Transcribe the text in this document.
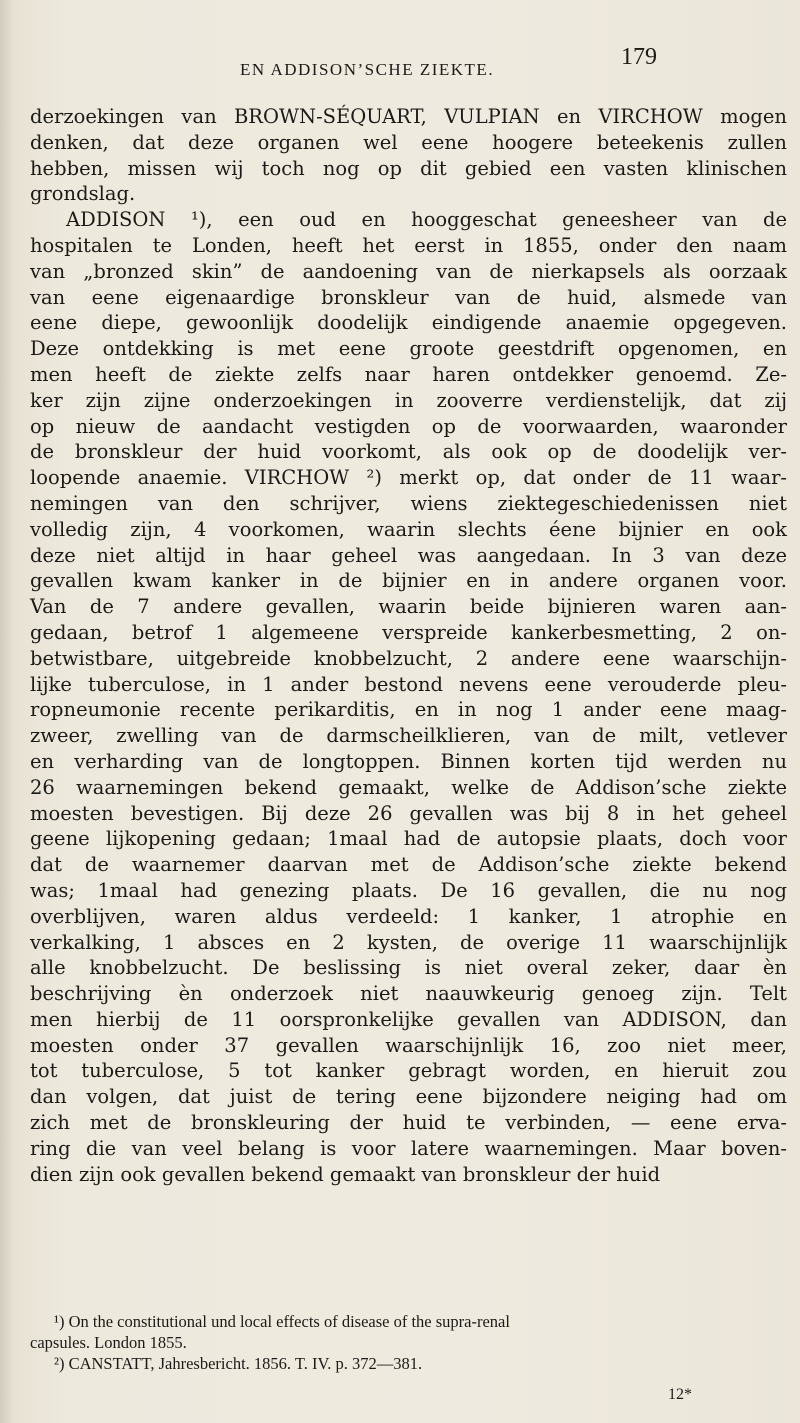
EN ADDISON’SCHE ZIEKTE.	179
derzoekingen van BROWN-SÉQUART, VULPIAN en VIRCHOW mogen
denken, dat deze organen wel eene hoogere beteekenis zullen
hebben, missen wij toch nog op dit gebied een vasten klinischen
grondslag.
ADDISON ¹), een oud en hooggeschat geneesheer van de
hospitalen te Londen, heeft het eerst in 1855, onder den naam
van „bronzed skin” de aandoening van de nierkapsels als oorzaak
van eene eigenaardige bronskleur van de huid, alsmede van
eene diepe, gewoonlijk doodelijk eindigende anaemie opgegeven.
Deze ontdekking is met eene groote geestdrift opgenomen, en
men heeft de ziekte zelfs naar haren ontdekker genoemd. Ze-
ker zijn zijne onderzoekingen in zooverre verdienstelijk, dat zij
op nieuw de aandacht vestigden op de voorwaarden, waaronder
de bronskleur der huid voorkomt, als ook op de doodelijk ver-
loopende anaemie. VIRCHOW ²) merkt op, dat onder de 11 waar-
nemingen van den schrijver, wiens ziektegeschiedenissen niet
volledig zijn, 4 voorkomen, waarin slechts éene bijnier en ook
deze niet altijd in haar geheel was aangedaan. In 3 van deze
gevallen kwam kanker in de bijnier en in andere organen voor.
Van de 7 andere gevallen, waarin beide bijnieren waren aan-
gedaan, betrof 1 algemeene verspreide kankerbesmetting, 2 on-
betwistbare, uitgebreide knobbelzucht, 2 andere eene waarschijn-
lijke tuberculose, in 1 ander bestond nevens eene verouderde pleu-
ropneumonie recente perikarditis, en in nog 1 ander eene maag-
zweer, zwelling van de darmscheilklieren, van de milt, vetlever
en verharding van de longtoppen. Binnen korten tijd werden nu
26 waarnemingen bekend gemaakt, welke de Addison’sche ziekte
moesten bevestigen. Bij deze 26 gevallen was bij 8 in het geheel
geene lijkopening gedaan; 1maal had de autopsie plaats, doch voor
dat de waarnemer daarvan met de Addison’sche ziekte bekend
was; 1maal had genezing plaats. De 16 gevallen, die nu nog
overblijven, waren aldus verdeeld: 1 kanker, 1 atrophie en
verkalking, 1 absces en 2 kysten, de overige 11 waarschijnlijk
alle knobbelzucht. De beslissing is niet overal zeker, daar èn
beschrijving èn onderzoek niet naauwkeurig genoeg zijn. Telt
men hierbij de 11 oorspronkelijke gevallen van ADDISON, dan
moesten onder 37 gevallen waarschijnlijk 16, zoo niet meer,
tot tuberculose, 5 tot kanker gebragt worden, en hieruit zou
dan volgen, dat juist de tering eene bijzondere neiging had om
zich met de bronskleuring der huid te verbinden, — eene erva-
ring die van veel belang is voor latere waarnemingen. Maar boven-
dien zijn ook gevallen bekend gemaakt van bronskleur der huid
¹) On the constitutional und local effects of disease of the supra-renal
capsules. London 1855.
²) CANSTATT, Jahresbericht. 1856. T. IV. p. 372—381.
12*
